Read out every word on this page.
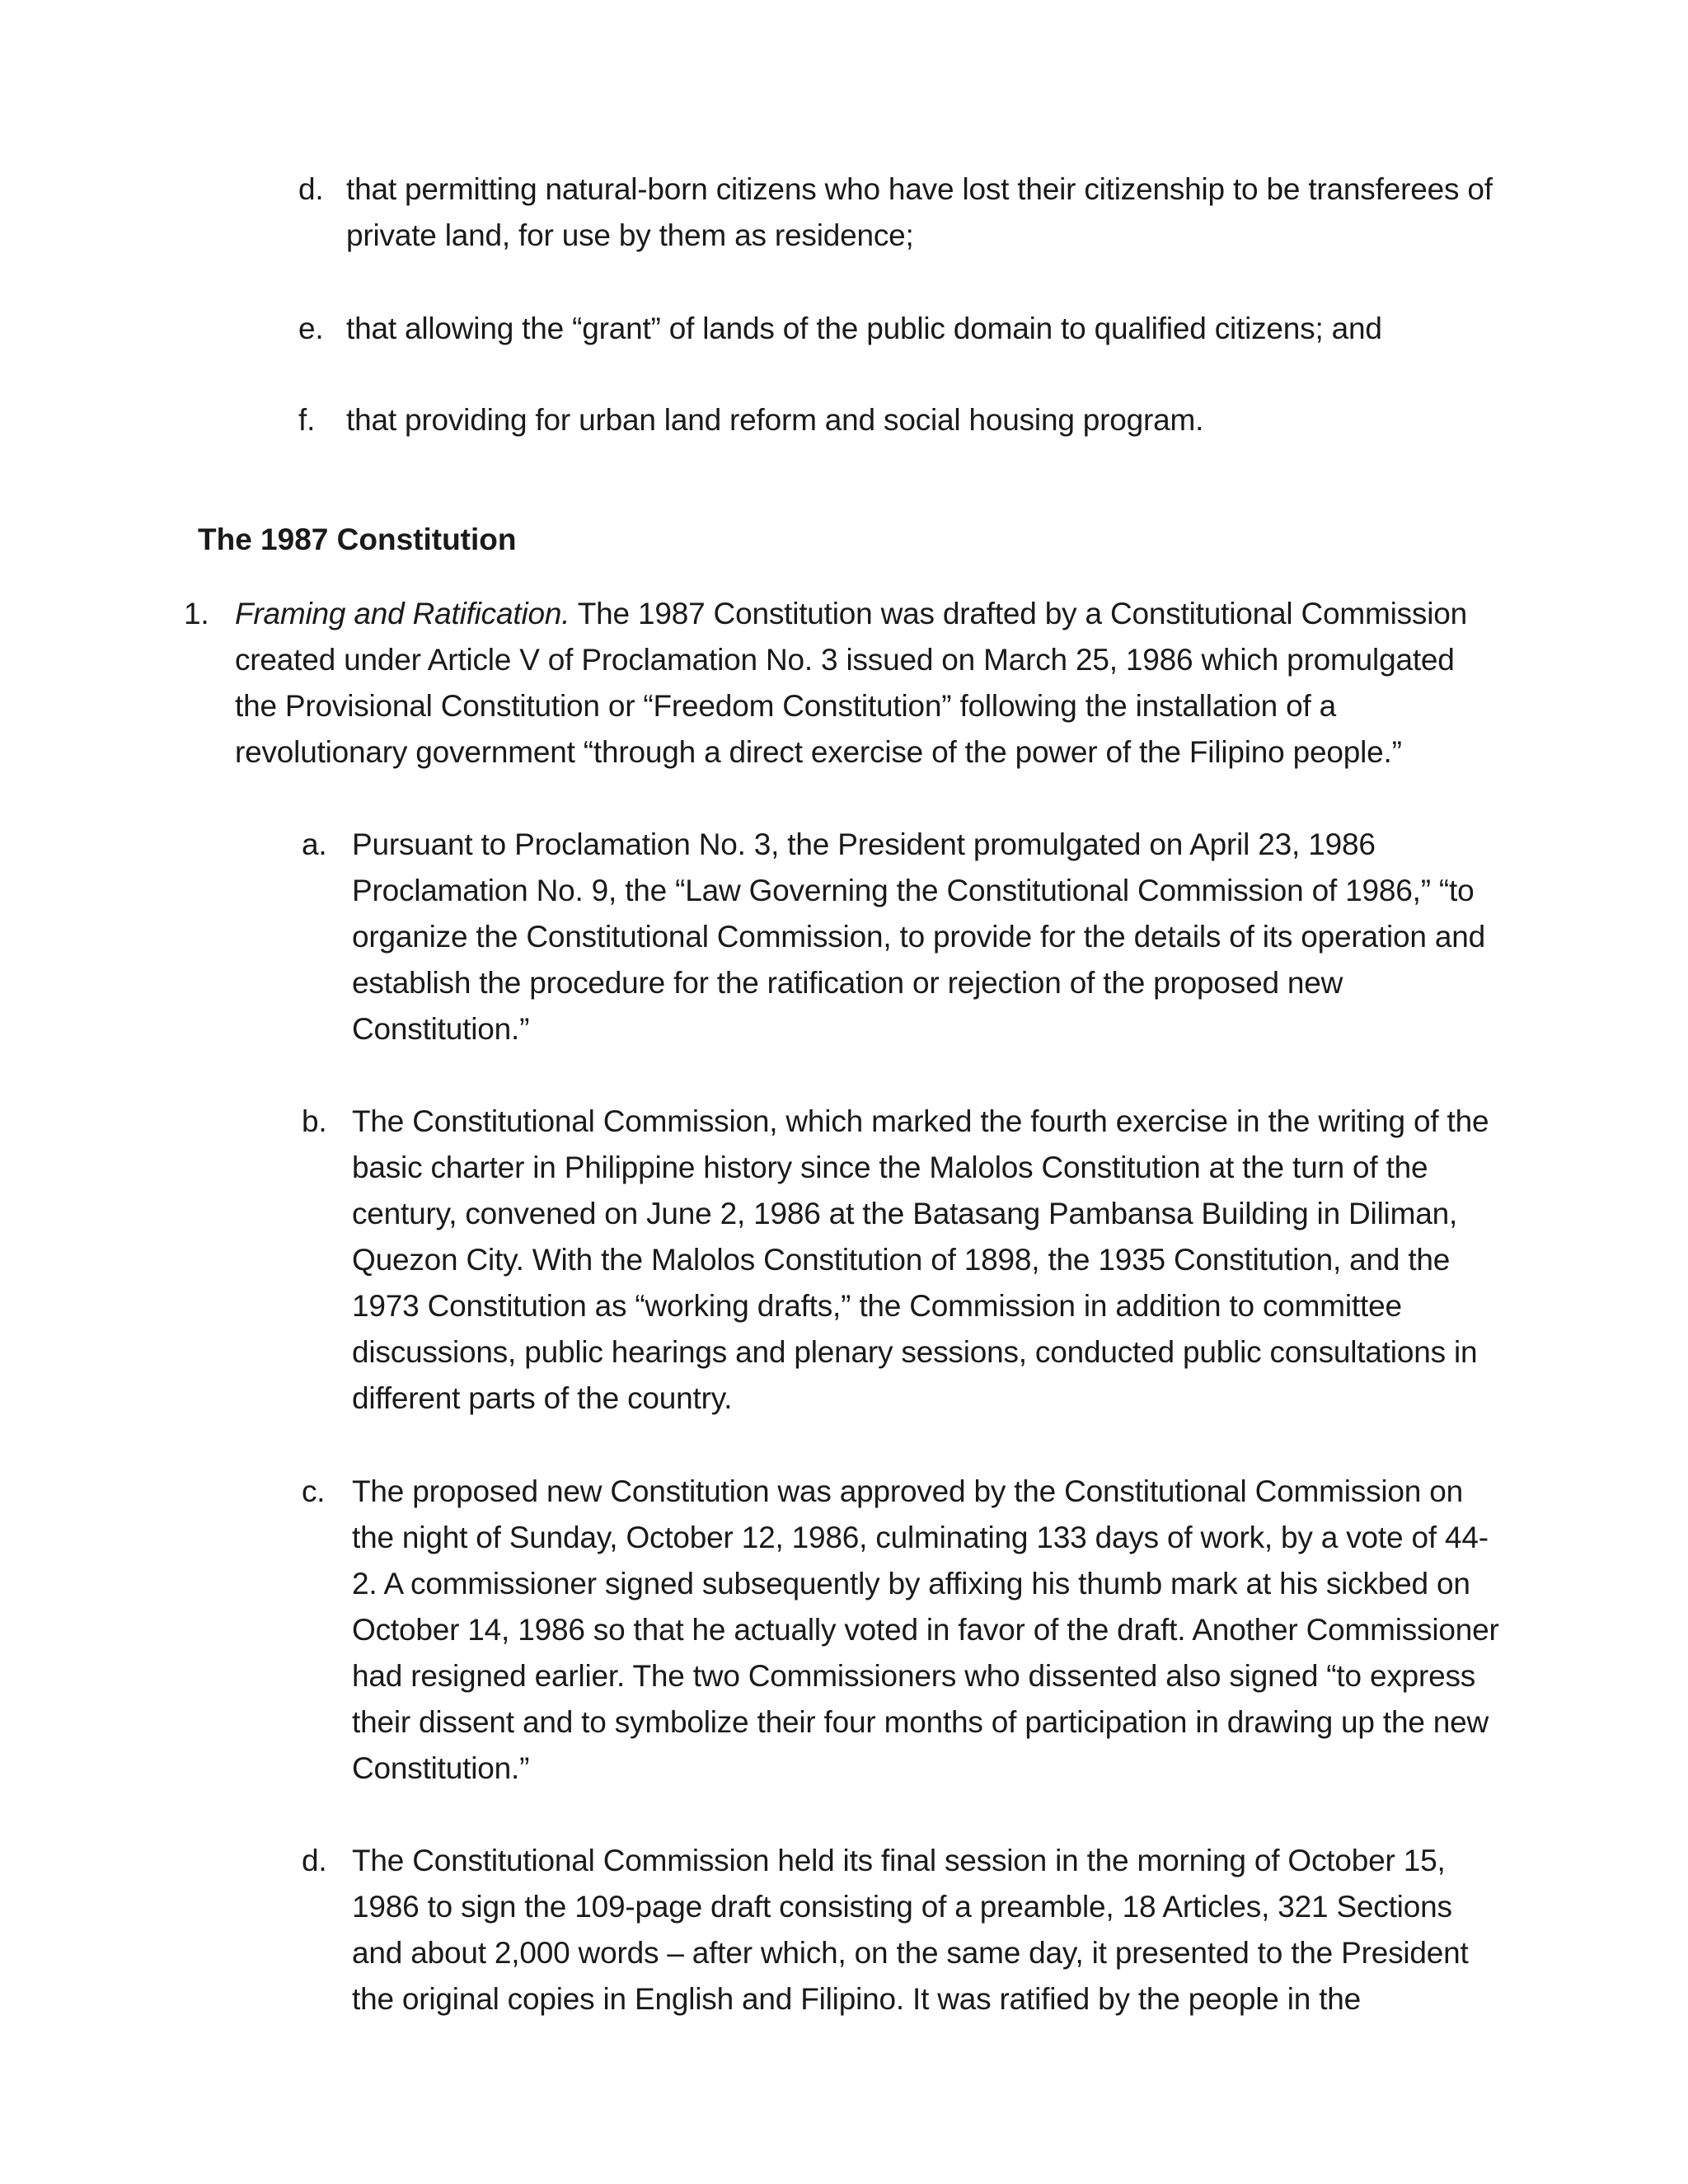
d. that permitting natural-born citizens who have lost their citizenship to be transferees of private land, for use by them as residence;
e. that allowing the “grant” of lands of the public domain to qualified citizens; and
f. that providing for urban land reform and social housing program.
The 1987 Constitution
1. Framing and Ratification. The 1987 Constitution was drafted by a Constitutional Commission created under Article V of Proclamation No. 3 issued on March 25, 1986 which promulgated the Provisional Constitution or “Freedom Constitution” following the installation of a revolutionary government “through a direct exercise of the power of the Filipino people.”
a. Pursuant to Proclamation No. 3, the President promulgated on April 23, 1986 Proclamation No. 9, the “Law Governing the Constitutional Commission of 1986,” “to organize the Constitutional Commission, to provide for the details of its operation and establish the procedure for the ratification or rejection of the proposed new Constitution.”
b. The Constitutional Commission, which marked the fourth exercise in the writing of the basic charter in Philippine history since the Malolos Constitution at the turn of the century, convened on June 2, 1986 at the Batasang Pambansa Building in Diliman, Quezon City. With the Malolos Constitution of 1898, the 1935 Constitution, and the 1973 Constitution as “working drafts,” the Commission in addition to committee discussions, public hearings and plenary sessions, conducted public consultations in different parts of the country.
c. The proposed new Constitution was approved by the Constitutional Commission on the night of Sunday, October 12, 1986, culminating 133 days of work, by a vote of 44-2. A commissioner signed subsequently by affixing his thumb mark at his sickbed on October 14, 1986 so that he actually voted in favor of the draft. Another Commissioner had resigned earlier. The two Commissioners who dissented also signed “to express their dissent and to symbolize their four months of participation in drawing up the new Constitution.”
d. The Constitutional Commission held its final session in the morning of October 15, 1986 to sign the 109-page draft consisting of a preamble, 18 Articles, 321 Sections and about 2,000 words – after which, on the same day, it presented to the President the original copies in English and Filipino. It was ratified by the people in the
